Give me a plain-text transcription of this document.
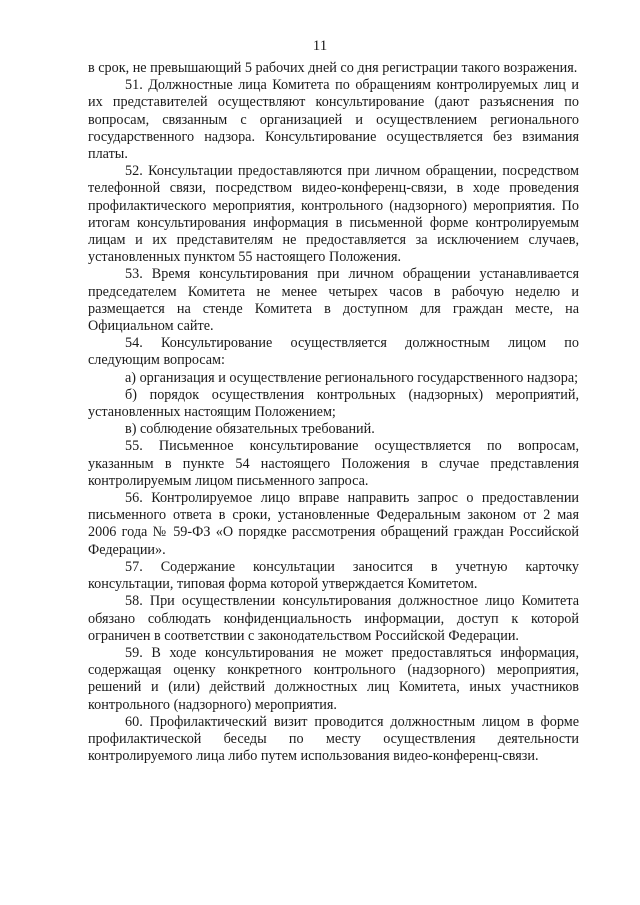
11

в срок, не превышающий 5 рабочих дней со дня регистрации такого возражения.

51. Должностные лица Комитета по обращениям контролируемых лиц и их представителей осуществляют консультирование (дают разъяснения по вопросам, связанным с организацией и осуществлением регионального государственного надзора. Консультирование осуществляется без взимания платы.

52. Консультации предоставляются при личном обращении, посредством телефонной связи, посредством видео-конференц-связи, в ходе проведения профилактического мероприятия, контрольного (надзорного) мероприятия. По итогам консультирования информация в письменной форме контролируемым лицам и их представителям не предоставляется за исключением случаев, установленных пунктом 55 настоящего Положения.

53. Время консультирования при личном обращении устанавливается председателем Комитета не менее четырех часов в рабочую неделю и размещается на стенде Комитета в доступном для граждан месте, на Официальном сайте.

54. Консультирование осуществляется должностным лицом по следующим вопросам:

а) организация и осуществление регионального государственного надзора;

б) порядок осуществления контрольных (надзорных) мероприятий, установленных настоящим Положением;

в) соблюдение обязательных требований.

55. Письменное консультирование осуществляется по вопросам, указанным в пункте 54 настоящего Положения в случае представления контролируемым лицом письменного запроса.

56. Контролируемое лицо вправе направить запрос о предоставлении письменного ответа в сроки, установленные Федеральным законом от 2 мая 2006 года № 59-ФЗ «О порядке рассмотрения обращений граждан Российской Федерации».

57. Содержание консультации заносится в учетную карточку консультации, типовая форма которой утверждается Комитетом.

58. При осуществлении консультирования должностное лицо Комитета обязано соблюдать конфиденциальность информации, доступ к которой ограничен в соответствии с законодательством Российской Федерации.

59. В ходе консультирования не может предоставляться информация, содержащая оценку конкретного контрольного (надзорного) мероприятия, решений и (или) действий должностных лиц Комитета, иных участников контрольного (надзорного) мероприятия.

60. Профилактический визит проводится должностным лицом в форме профилактической беседы по месту осуществления деятельности контролируемого лица либо путем использования видео-конференц-связи.
